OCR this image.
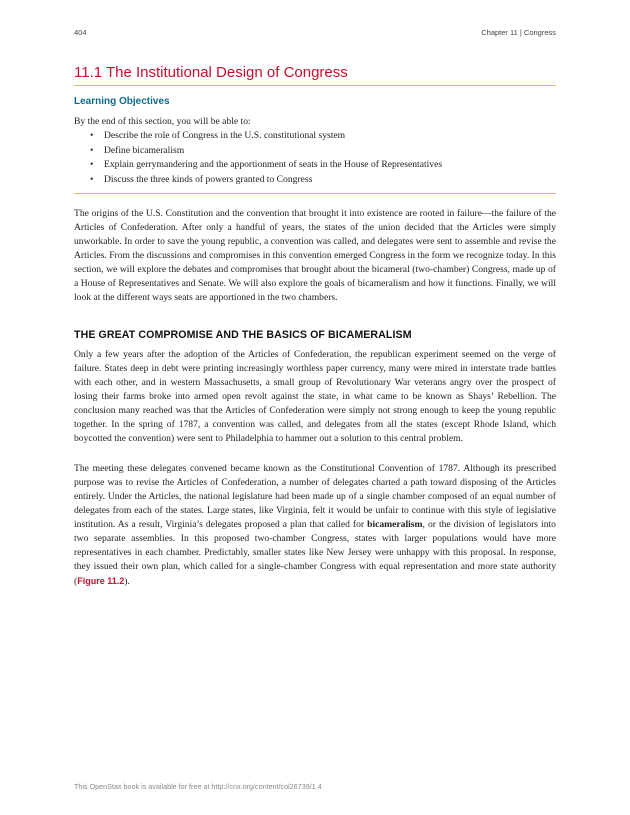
404	Chapter 11 | Congress
11.1 The Institutional Design of Congress
Learning Objectives
By the end of this section, you will be able to:
• Describe the role of Congress in the U.S. constitutional system
• Define bicameralism
• Explain gerrymandering and the apportionment of seats in the House of Representatives
• Discuss the three kinds of powers granted to Congress

The origins of the U.S. Constitution and the convention that brought it into existence are rooted in failure—the failure of the Articles of Confederation. After only a handful of years, the states of the union decided that the Articles were simply unworkable. In order to save the young republic, a convention was called, and delegates were sent to assemble and revise the Articles. From the discussions and compromises in this convention emerged Congress in the form we recognize today. In this section, we will explore the debates and compromises that brought about the bicameral (two-chamber) Congress, made up of a House of Representatives and Senate. We will also explore the goals of bicameralism and how it functions. Finally, we will look at the different ways seats are apportioned in the two chambers.

THE GREAT COMPROMISE AND THE BASICS OF BICAMERALISM

Only a few years after the adoption of the Articles of Confederation, the republican experiment seemed on the verge of failure. States deep in debt were printing increasingly worthless paper currency, many were mired in interstate trade battles with each other, and in western Massachusetts, a small group of Revolutionary War veterans angry over the prospect of losing their farms broke into armed open revolt against the state, in what came to be known as Shays’ Rebellion. The conclusion many reached was that the Articles of Confederation were simply not strong enough to keep the young republic together. In the spring of 1787, a convention was called, and delegates from all the states (except Rhode Island, which boycotted the convention) were sent to Philadelphia to hammer out a solution to this central problem.

The meeting these delegates convened became known as the Constitutional Convention of 1787. Although its prescribed purpose was to revise the Articles of Confederation, a number of delegates charted a path toward disposing of the Articles entirely. Under the Articles, the national legislature had been made up of a single chamber composed of an equal number of delegates from each of the states. Large states, like Virginia, felt it would be unfair to continue with this style of legislative institution. As a result, Virginia’s delegates proposed a plan that called for bicameralism, or the division of legislators into two separate assemblies. In this proposed two-chamber Congress, states with larger populations would have more representatives in each chamber. Predictably, smaller states like New Jersey were unhappy with this proposal. In response, they issued their own plan, which called for a single-chamber Congress with equal representation and more state authority (Figure 11.2).

This OpenStax book is available for free at http://cnx.org/content/col26739/1.4
